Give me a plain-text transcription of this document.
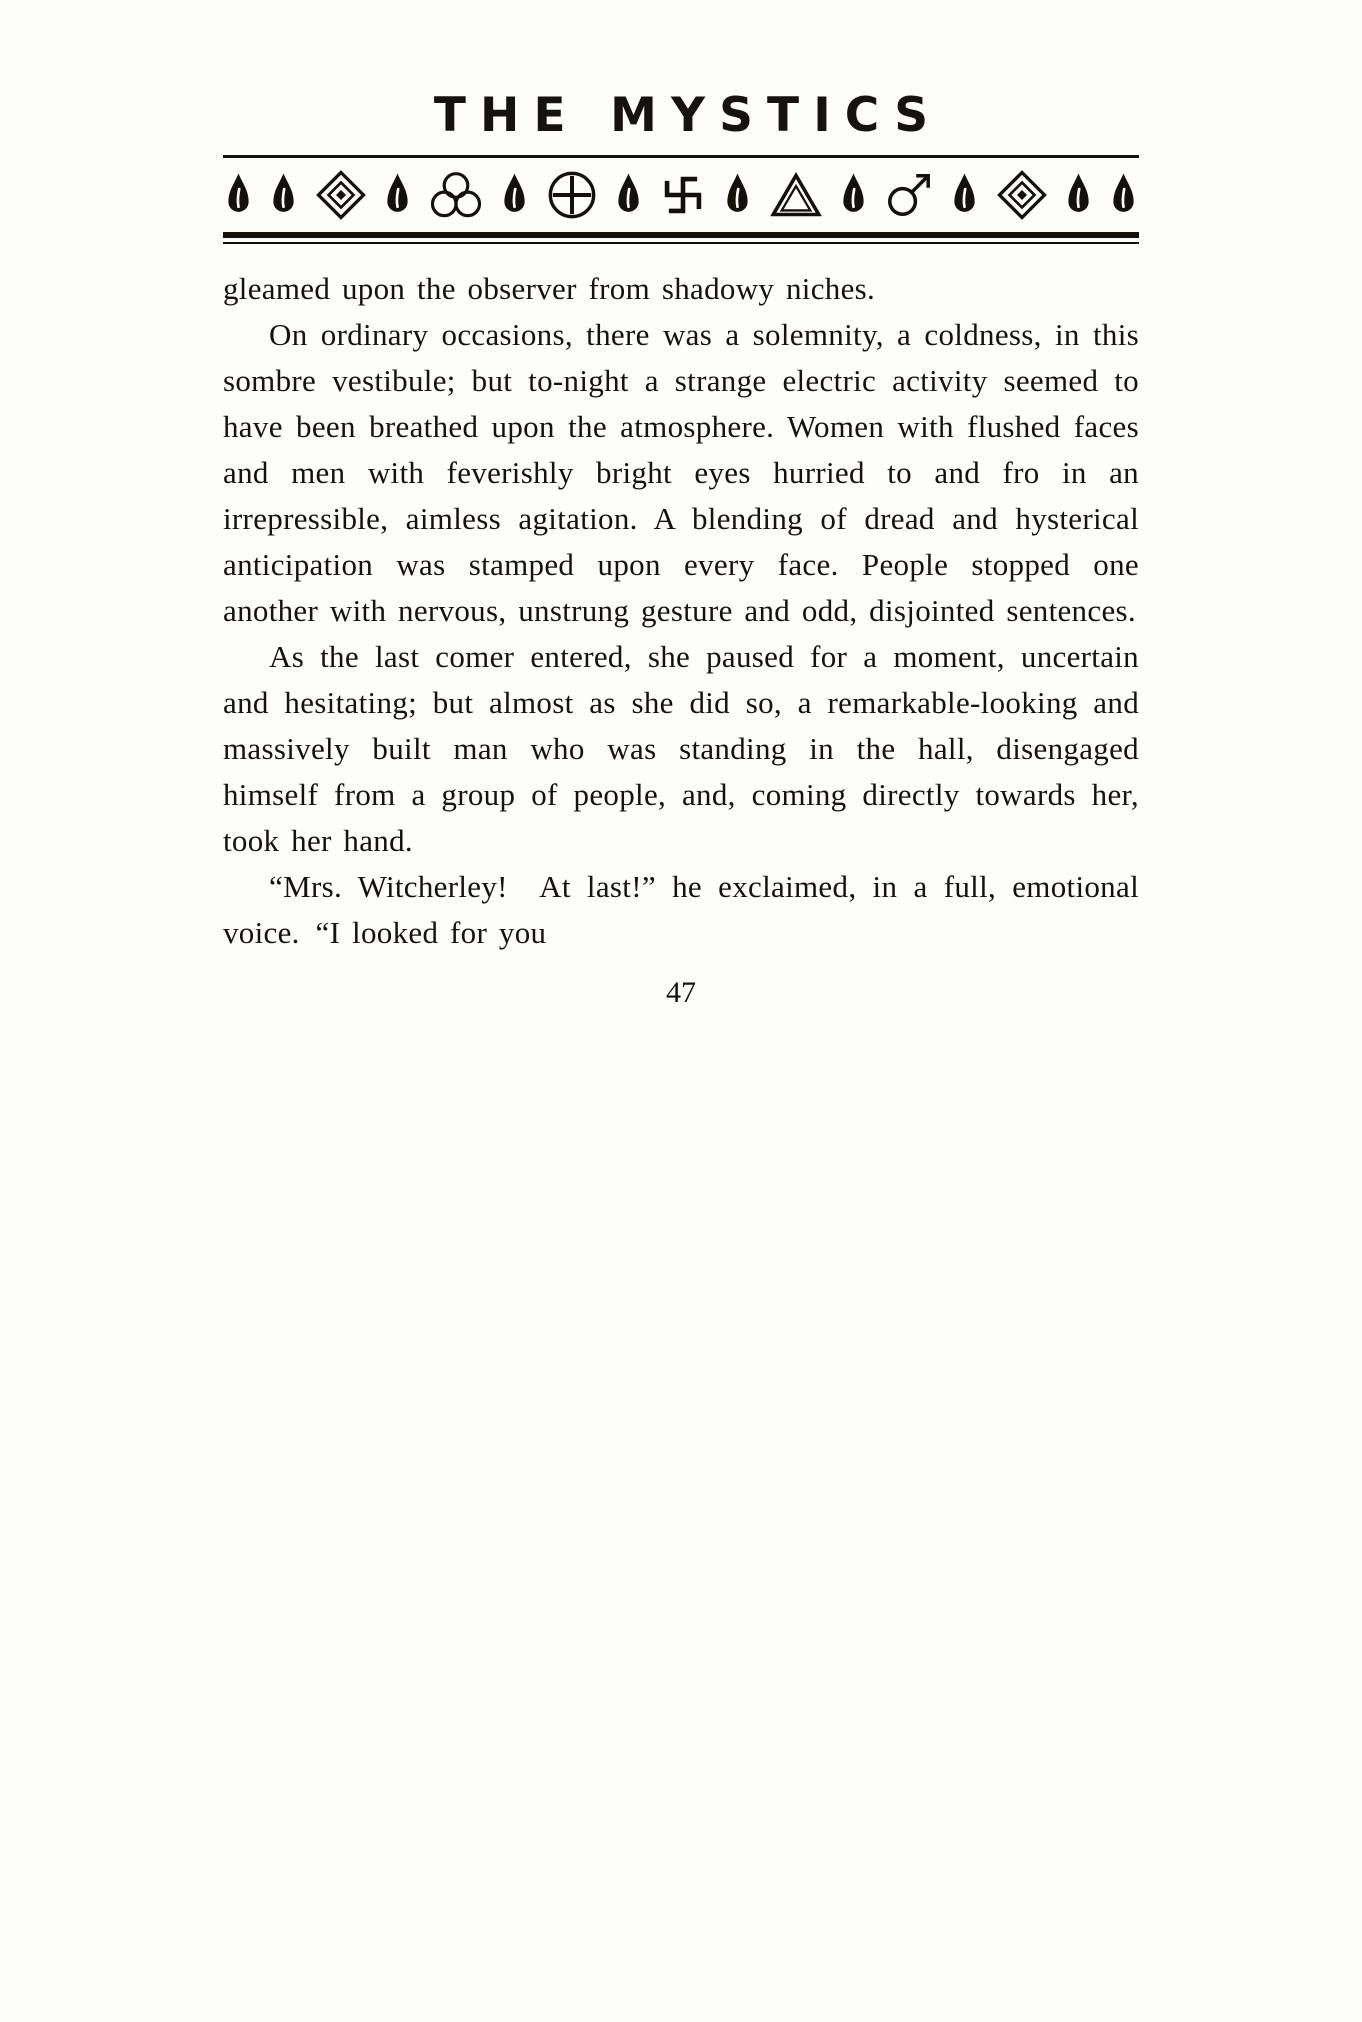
THE MYSTICS

gleamed upon the observer from shadowy niches.

On ordinary occasions, there was a solemnity, a coldness, in this sombre vestibule; but to-night a strange electric activity seemed to have been breathed upon the atmosphere. Women with flushed faces and men with feverishly bright eyes hurried to and fro in an irrepressible, aimless agitation. A blending of dread and hysterical anticipation was stamped upon every face. People stopped one another with nervous, unstrung gesture and odd, disjointed sentences.

As the last comer entered, she paused for a moment, uncertain and hesitating; but almost as she did so, a remarkable-looking and massively built man who was standing in the hall, disengaged himself from a group of people, and, coming directly towards her, took her hand.

“Mrs. Witcherley! At last!” he exclaimed, in a full, emotional voice. “I looked for you

47
